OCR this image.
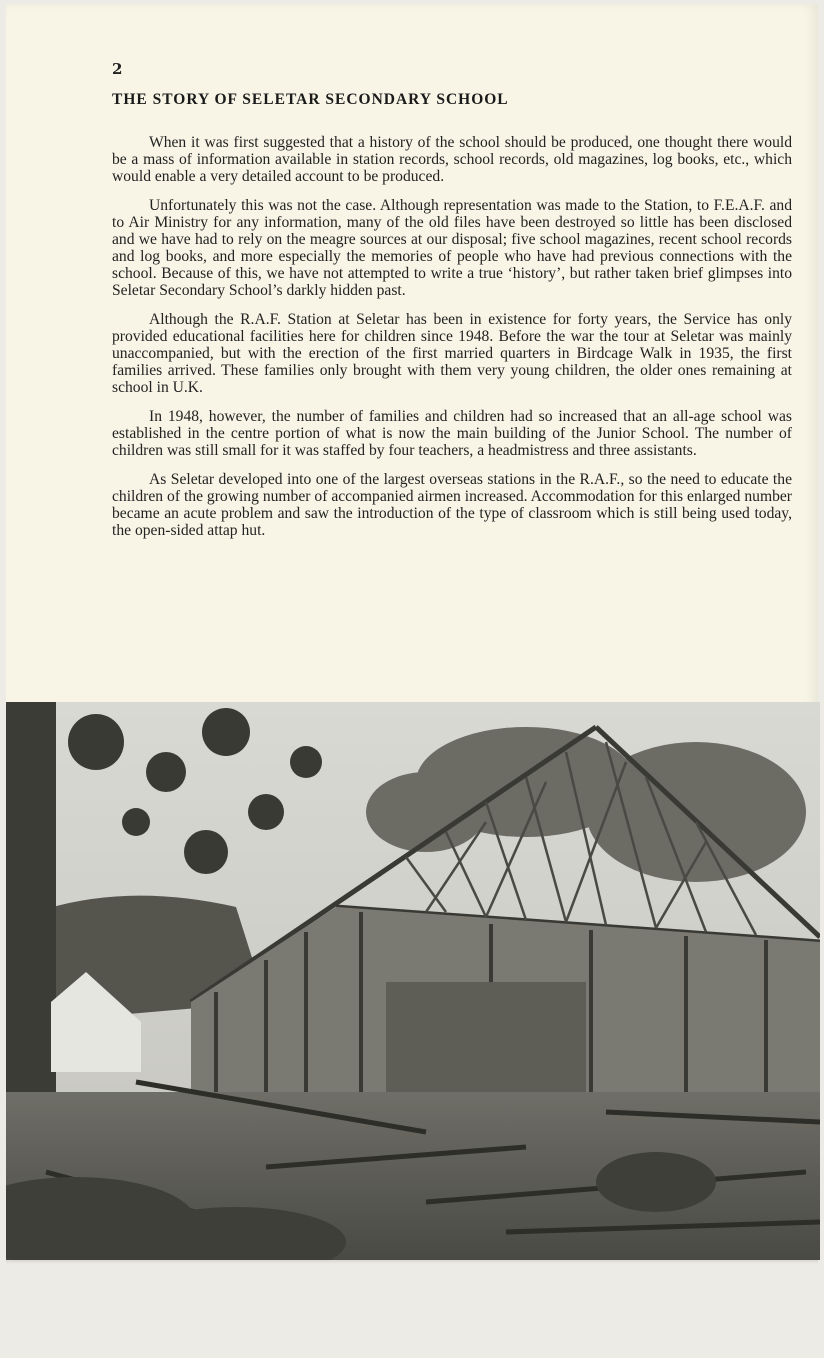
2
THE STORY OF SELETAR SECONDARY SCHOOL

When it was first suggested that a history of the school should be produced, one thought there would be a mass of information available in station records, school records, old magazines, log books, etc., which would enable a very detailed account to be produced.

Unfortunately this was not the case. Although representation was made to the Station, to F.E.A.F. and to Air Ministry for any information, many of the old files have been destroyed so little has been disclosed and we have had to rely on the meagre sources at our disposal; five school magazines, recent school records and log books, and more especially the memories of people who have had previous connections with the school. Because of this, we have not attempted to write a true ‘history’, but rather taken brief glimpses into Seletar Secondary School’s darkly hidden past.

Although the R.A.F. Station at Seletar has been in existence for forty years, the Service has only provided educational facilities here for children since 1948. Before the war the tour at Seletar was mainly unaccompanied, but with the erection of the first married quarters in Birdcage Walk in 1935, the first families arrived. These families only brought with them very young children, the older ones remaining at school in U.K.

In 1948, however, the number of families and children had so increased that an all-age school was established in the centre portion of what is now the main building of the Junior School. The number of children was still small for it was staffed by four teachers, a headmistress and three assistants.

As Seletar developed into one of the largest overseas stations in the R.A.F., so the need to educate the children of the growing number of accompanied airmen increased. Accommodation for this enlarged number became an acute problem and saw the introduction of the type of classroom which is still being used today, the open-sided attap hut.
